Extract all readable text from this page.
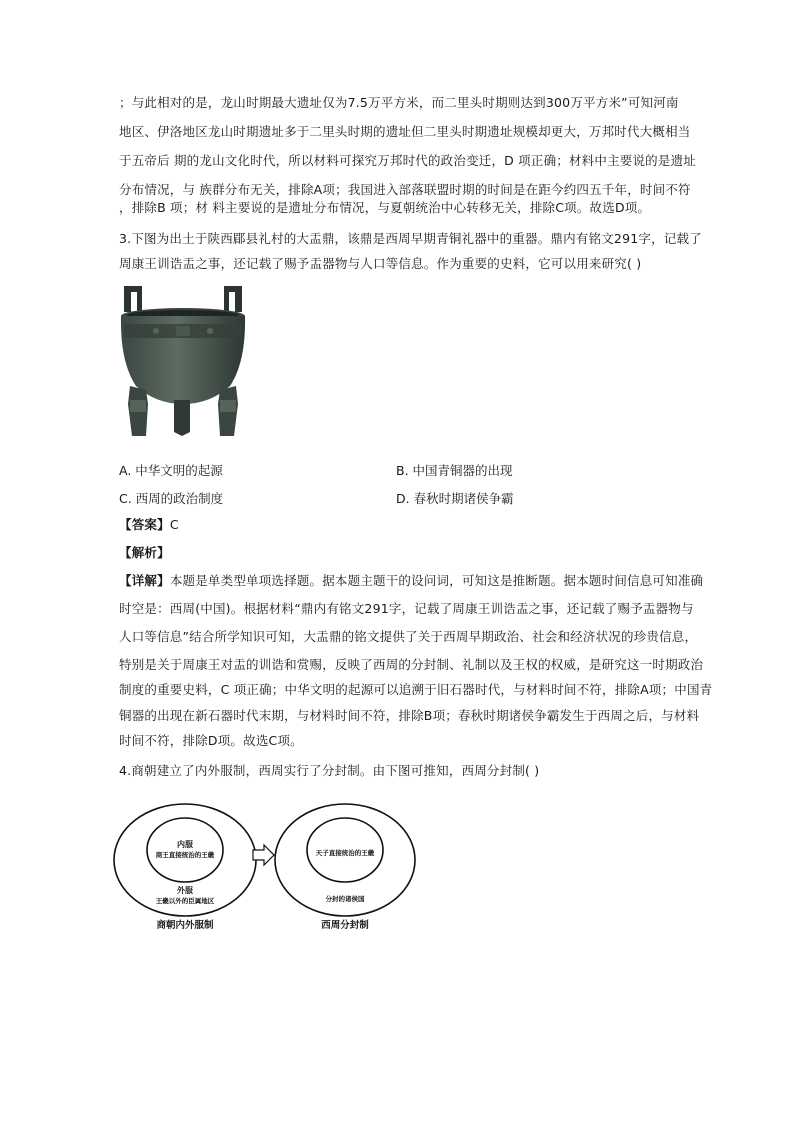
；与此相对的是，龙山时期最大遗址仅为7.5万平方米，而二里头时期则达到300万平方米”可知河南
地区、伊洛地区龙山时期遗址多于二里头时期的遗址但二里头时期遗址规模却更大，万邦时代大概相当
于五帝后 期的龙山文化时代，所以材料可探究万邦时代的政治变迁，D 项正确；材料中主要说的是遗址
分布情况，与 族群分布无关，排除A项；我国进入部落联盟时期的时间是在距今约四五千年，时间不符
，排除B 项；材 料主要说的是遗址分布情况，与夏朝统治中心转移无关，排除C项。故选D项。
3.下图为出土于陕西郿县礼村的大盂鼎，该鼎是西周早期青铜礼器中的重器。鼎内有铭文291字，记载了
周康王训诰盂之事，还记载了赐予盂器物与人口等信息。作为重要的史料，它可以用来研究( )
A. 中华文明的起源	B. 中国青铜器的出现
C. 西周的政治制度	D. 春秋时期诸侯争霸
【答案】C
【解析】
【详解】本题是单类型单项选择题。据本题主题干的设问词，可知这是推断题。据本题时间信息可知准确
时空是：西周(中国)。根据材料“鼎内有铭文291字，记载了周康王训诰盂之事，还记载了赐予盂器物与
人口等信息”结合所学知识可知，大盂鼎的铭文提供了关于西周早期政治、社会和经济状况的珍贵信息，
特别是关于周康王对盂的训诰和赏赐，反映了西周的分封制、礼制以及王权的权威，是研究这一时期政治
制度的重要史料，C 项正确；中华文明的起源可以追溯于旧石器时代，与材料时间不符，排除A项；中国青
铜器的出现在新石器时代末期，与材料时间不符，排除B项；春秋时期诸侯争霸发生于西周之后，与材料
时间不符，排除D项。故选C项。
4.商朝建立了内外服制，西周实行了分封制。由下图可推知，西周分封制( )
内服
商王直接统治的王畿
外服
王畿以外的臣属地区
商朝内外服制
天子直接统治的王畿
分封的诸侯国
西周分封制
